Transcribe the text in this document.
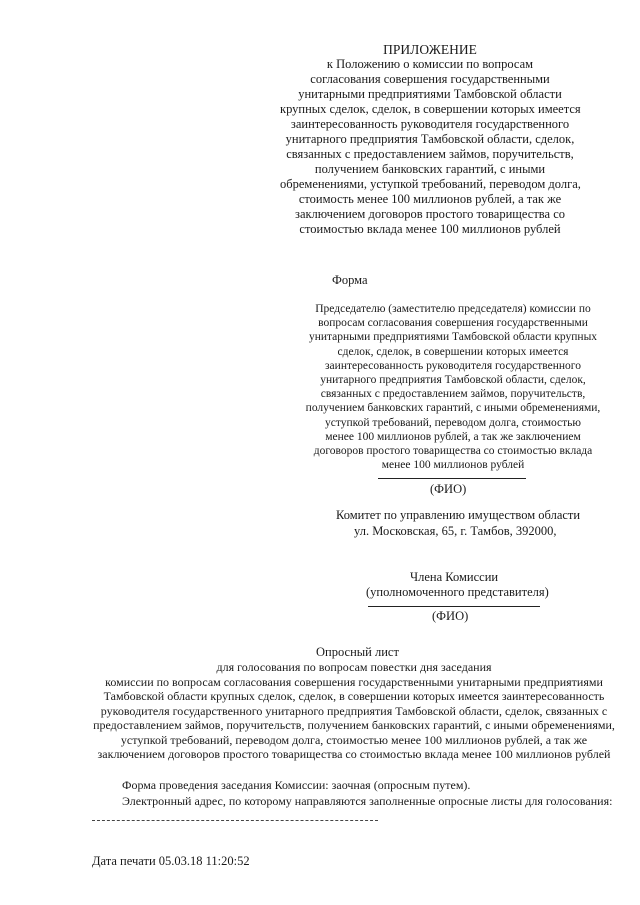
ПРИЛОЖЕНИЕ
к Положению о комиссии по вопросам
согласования совершения государственными
унитарными предприятиями Тамбовской области
крупных сделок, сделок, в совершении которых имеется
заинтересованность руководителя государственного
унитарного предприятия Тамбовской области, сделок,
связанных с предоставлением займов, поручительств,
получением банковских гарантий, с иными
обременениями, уступкой требований, переводом долга,
стоимость менее 100 миллионов рублей, а так же
заключением договоров простого товарищества со
стоимостью вклада менее 100 миллионов рублей
Форма
Председателю (заместителю председателя) комиссии по
вопросам согласования совершения государственными
унитарными предприятиями Тамбовской области крупных
сделок, сделок, в совершении которых имеется
заинтересованность руководителя государственного
унитарного предприятия Тамбовской области, сделок,
связанных с предоставлением займов, поручительств,
получением банковских гарантий, с иными обременениями,
уступкой требований, переводом долга, стоимостью
менее 100 миллионов рублей, а так же заключением
договоров простого товарищества со стоимостью вклада
менее 100 миллионов рублей
(ФИО)
Комитет по управлению имуществом области
ул. Московская, 65, г. Тамбов, 392000,
Члена Комиссии
(уполномоченного представителя)
(ФИО)
Опросный лист
для голосования по вопросам повестки дня заседания
комиссии по вопросам согласования совершения государственными унитарными предприятиями
Тамбовской области крупных сделок, сделок, в совершении которых имеется заинтересованность
руководителя государственного унитарного предприятия Тамбовской области, сделок, связанных с
предоставлением займов, поручительств, получением банковских гарантий, с иными обременениями,
уступкой требований, переводом долга, стоимостью менее 100 миллионов рублей, а так же
заключением договоров простого товарищества со стоимостью вклада менее 100 миллионов рублей
Форма проведения заседания Комиссии: заочная (опросным путем).
Электронный адрес, по которому направляются заполненные опросные листы для голосования:
Дата печати 05.03.18 11:20:52
